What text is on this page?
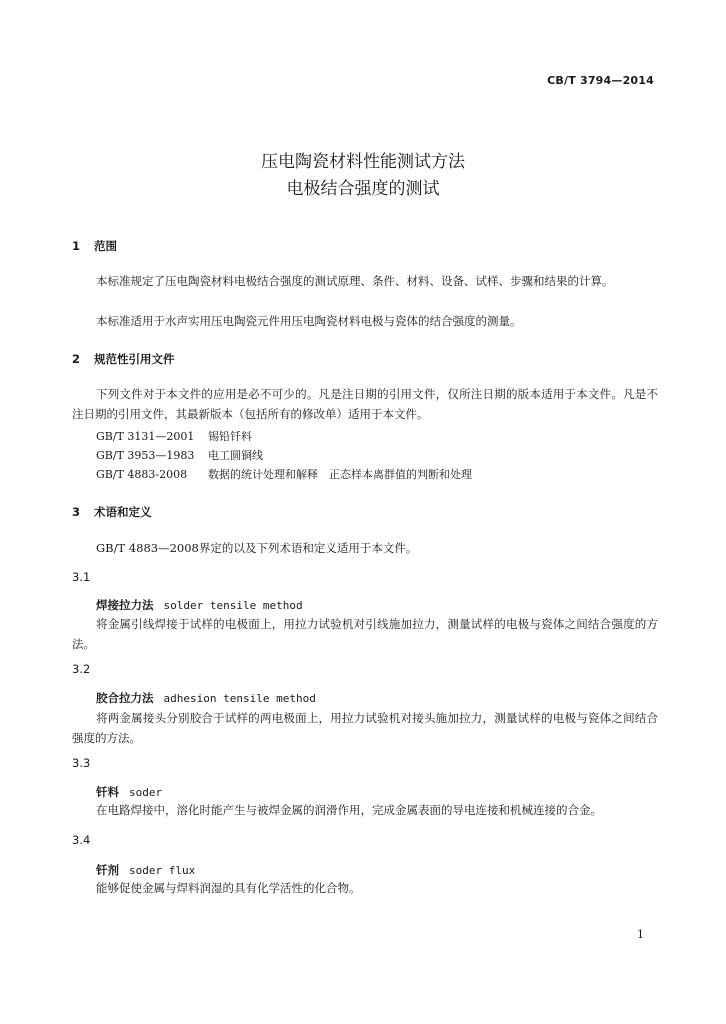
CB/T 3794—2014
压电陶瓷材料性能测试方法
电极结合强度的测试
1 范围
本标准规定了压电陶瓷材料电极结合强度的测试原理、条件、材料、设备、试样、步骤和结果的计算。
本标准适用于水声实用压电陶瓷元件用压电陶瓷材料电极与瓷体的结合强度的测量。
2 规范性引用文件
下列文件对于本文件的应用是必不可少的。凡是注日期的引用文件，仅所注日期的版本适用于本文件。凡是不注日期的引用文件，其最新版本（包括所有的修改单）适用于本文件。
GB/T 3131—2001 锡铅钎料
GB/T 3953—1983 电工圆铜线
GB/T 4883-2008 数据的统计处理和解释　正态样本离群值的判断和处理
3 术语和定义
GB/T 4883—2008界定的以及下列术语和定义适用于本文件。
3.1
焊接拉力法 solder tensile method
将金属引线焊接于试样的电极面上，用拉力试验机对引线施加拉力，测量试样的电极与瓷体之间结合强度的方法。
3.2
胶合拉力法 adhesion tensile method
将两金属接头分别胶合于试样的两电极面上，用拉力试验机对接头施加拉力，测量试样的电极与瓷体之间结合强度的方法。
3.3
钎料 soder
在电路焊接中，溶化时能产生与被焊金属的润滑作用，完成金属表面的导电连接和机械连接的合金。
3.4
钎剂 soder flux
能够促使金属与焊料润湿的具有化学活性的化合物。
1
